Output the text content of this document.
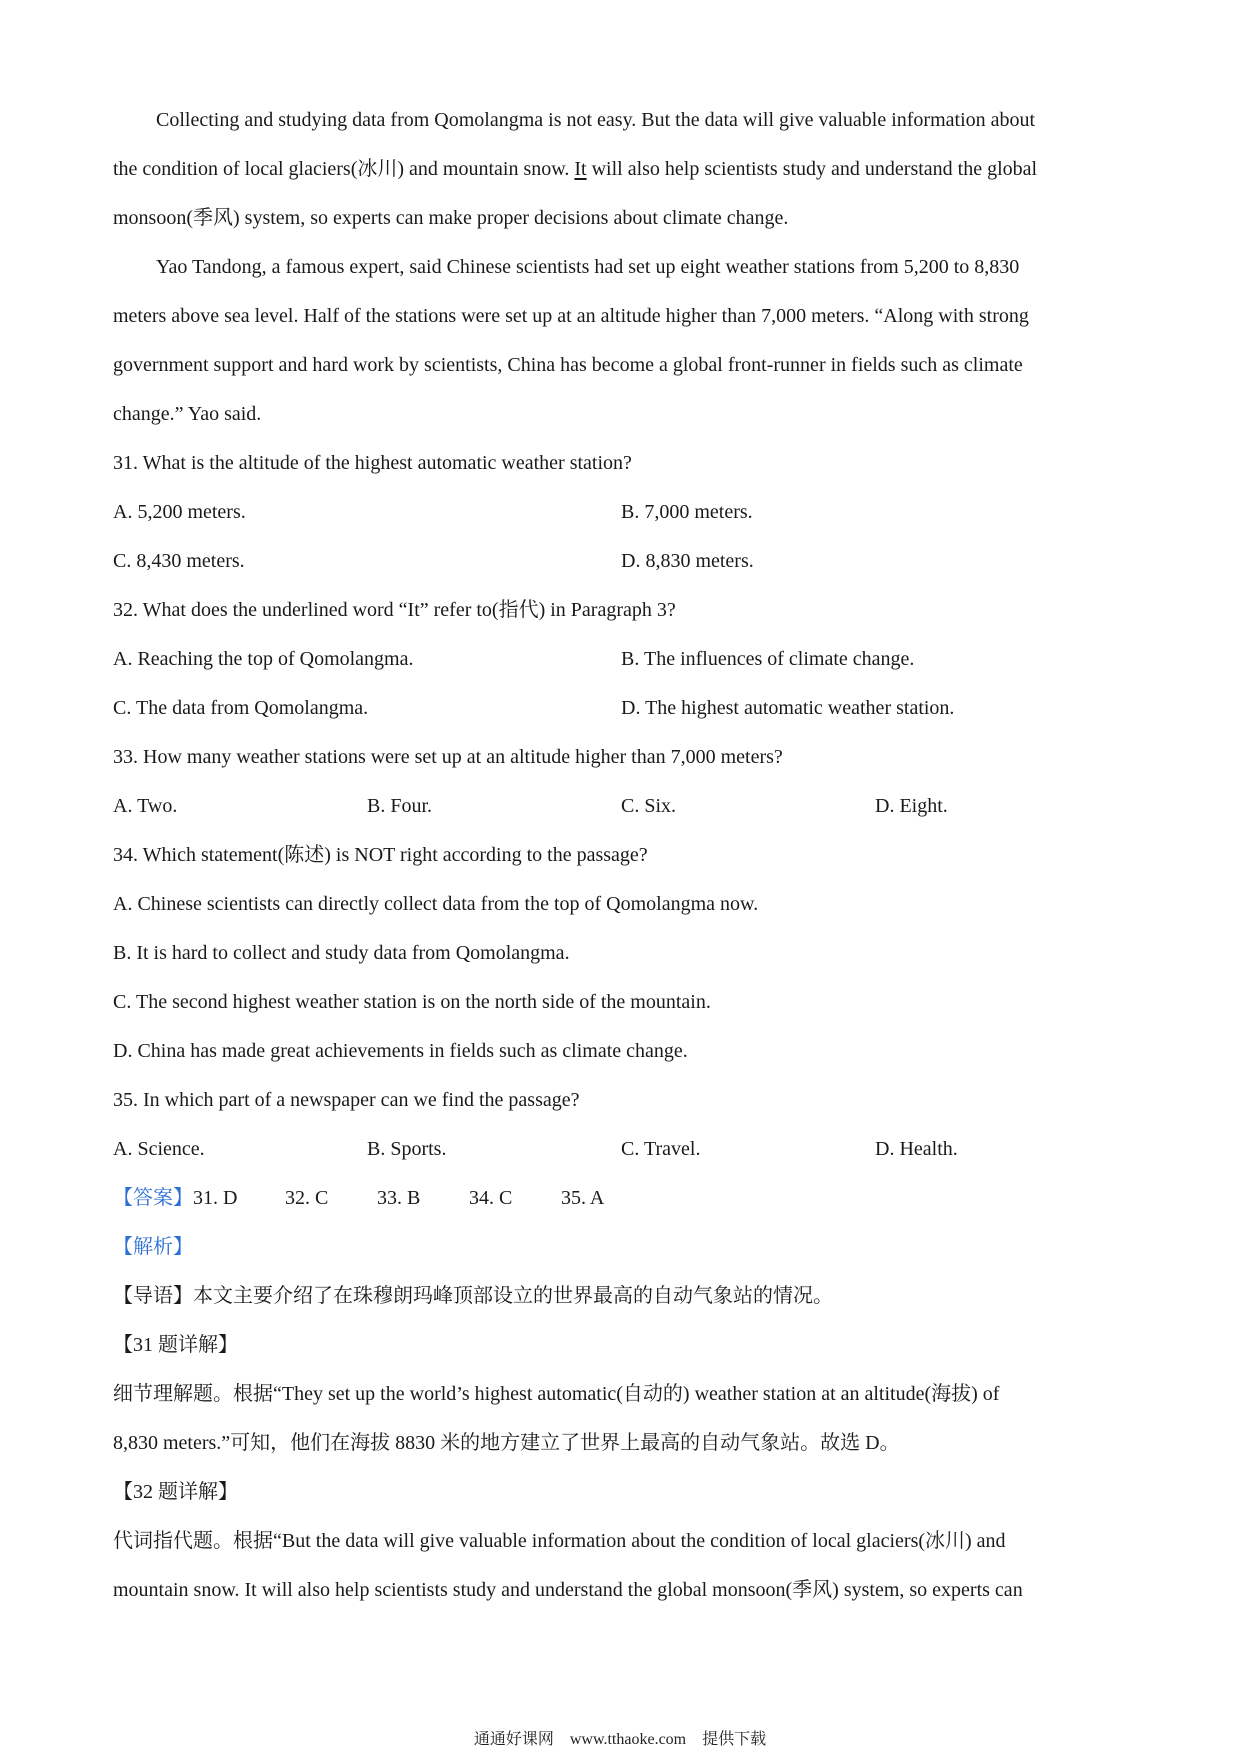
Collecting and studying data from Qomolangma is not easy. But the data will give valuable information about
the condition of local glaciers(冰川) and mountain snow. It will also help scientists study and understand the global
monsoon(季风) system, so experts can make proper decisions about climate change.
Yao Tandong, a famous expert, said Chinese scientists had set up eight weather stations from 5,200 to 8,830
meters above sea level. Half of the stations were set up at an altitude higher than 7,000 meters. “Along with strong
government support and hard work by scientists, China has become a global front-runner in fields such as climate
change.” Yao said.
31. What is the altitude of the highest automatic weather station?
A. 5,200 meters.	B. 7,000 meters.
C. 8,430 meters.	D. 8,830 meters.
32. What does the underlined word “It” refer to(指代) in Paragraph 3?
A. Reaching the top of Qomolangma.	B. The influences of climate change.
C. The data from Qomolangma.	D. The highest automatic weather station.
33. How many weather stations were set up at an altitude higher than 7,000 meters?
A. Two.	B. Four.	C. Six.	D. Eight.
34. Which statement(陈述) is NOT right according to the passage?
A. Chinese scientists can directly collect data from the top of Qomolangma now.
B. It is hard to collect and study data from Qomolangma.
C. The second highest weather station is on the north side of the mountain.
D. China has made great achievements in fields such as climate change.
35. In which part of a newspaper can we find the passage?
A. Science.	B. Sports.	C. Travel.	D. Health.
【答案】31. D 32. C 33. B 34. C 35. A
【解析】
【导语】本文主要介绍了在珠穆朗玛峰顶部设立的世界最高的自动气象站的情况。
【31 题详解】
细节理解题。根据“They set up the world’s highest automatic(自动的) weather station at an altitude(海拔) of
8,830 meters.”可知，他们在海拔 8830 米的地方建立了世界上最高的自动气象站。故选 D。
【32 题详解】
代词指代题。根据“But the data will give valuable information about the condition of local glaciers(冰川) and
mountain snow. It will also help scientists study and understand the global monsoon(季风) system, so experts can
通通好课网 www.tthaoke.com 提供下载
